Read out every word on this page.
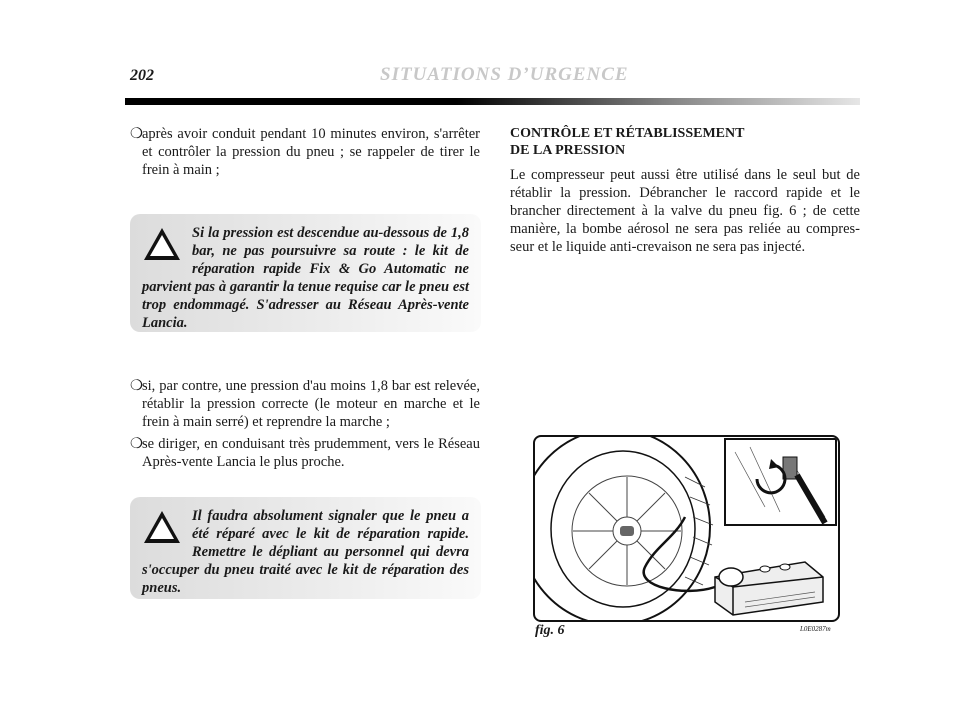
202	SITUATIONS D’URGENCE
❍ après avoir conduit pendant 10 minutes environ, s'arrêter et contrôler la pression du pneu ; se rappeler de tirer le frein à main ;
Si la pression est descendue au-dessous de 1,8 bar, ne pas poursuivre sa route : le kit de réparation rapide Fix & Go Automatic ne parvient pas à garantir la tenue requise car le pneu est trop endommagé. S'adresser au Réseau Après-vente Lancia.
❍ si, par contre, une pression d'au moins 1,8 bar est relevée, rétablir la pression correcte (le moteur en marche et le frein à main serré) et reprendre la marche ;
❍ se diriger, en conduisant très prudemment, vers le Réseau Après-vente Lancia le plus proche.
Il faudra absolument signaler que le pneu a été réparé avec le kit de réparation rapide. Remettre le dépliant au personnel qui devra s'occuper du pneu traité avec le kit de réparation des pneus.
CONTRÔLE ET RÉTABLISSEMENT
DE LA PRESSION

Le compresseur peut aussi être utilisé dans le seul but de rétablir la pression. Débrancher le raccord rapide et le brancher directement à la valve du pneu fig. 6 ; de cette manière, la bombe aérosol ne sera pas reliée au compresseur et le liquide anti-crevaison ne sera pas injecté.

fig. 6	L0E0287m
